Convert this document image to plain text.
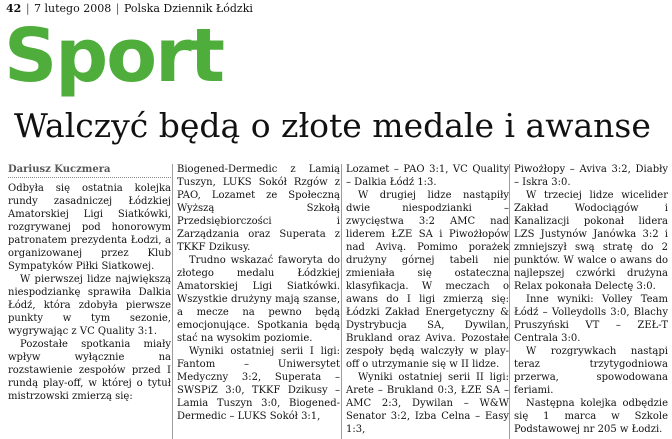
42 | 7 lutego 2008 | Polska Dziennik Łódzki
Sport
Walczyć będą o złote medale i awanse
Dariusz Kuczmera

Odbyła się ostatnia kolejka rundy zasadniczej Łódzkiej Amatorskiej Ligi Siatkówki, rozgrywanej pod honorowym patronatem prezydenta Łodzi, a organizowanej przez Klub Sympatyków Piłki Siatkowej.

W pierwszej lidze największą niespodziankę sprawiła Dalkia Łódź, która zdobyła pierwsze punkty w tym sezonie, wygrywając z VC Quality 3:1.

Pozostałe spotkania miały wpływ wyłącznie na rozstawienie zespołów przed I rundą play-off, w której o tytuł mistrzowski zmierzą się:

Biogened-Dermedic z Lamią Tuszyn, LUKS Sokół Rzgów z PAO, Lozamet ze Społeczną Wyższą Szkołą Przedsiębiorczości i Zarządzania oraz Superata z TKKF Dzikusy.

Trudno wskazać faworyta do złotego medalu Łódzkiej Amatorskiej Ligi Siatkówki. Wszystkie drużyny mają szanse, a mecze na pewno będą emocjonujące. Spotkania będą stać na wysokim poziomie.

Wyniki ostatniej serii I ligi: Fantom – Uniwersytet Medyczny 3:2, Superata – SWSPiZ 3:0, TKKF Dzikusy – Lamia Tuszyn 3:0, Biogened-Dermedic – LUKS Sokół 3:1,

Lozamet – PAO 3:1, VC Quality – Dalkia Łódź 1:3.

W drugiej lidze nastąpiły dwie niespodzianki – zwycięstwa 3:2 AMC nad liderem ŁZE SA i Piwożłopów nad Avivą. Pomimo porażek drużyny górnej tabeli nie zmieniała się ostateczna klasyfikacja. W meczach o awans do I ligi zmierzą się: Łódzki Zakład Energetyczny & Dystrybucja SA, Dywilan, Brukland oraz Aviva. Pozostałe zespoły będą walczyły w play-off o utrzymanie się w II lidze.

Wyniki ostatniej serii II ligi: Arete – Brukland 0:3, ŁZE SA – AMC 2:3, Dywilan – W&W Senator 3:2, Izba Celna – Easy 1:3,

Piwożłopy – Aviva 3:2, Diabły – Iskra 3:0.

W trzeciej lidze wicelider Zakład Wodociągów i Kanalizacji pokonał lidera LZS Justynów Janówka 3:2 i zmniejszył swą stratę do 2 punktów. W walce o awans do najlepszej czwórki drużyna Relax pokonała Delectę 3:0.

Inne wyniki: Volley Team Łódź – Volleydolls 3:0, Blachy Pruszyński VT – ZEŁ-T Centrala 3:0.

W rozgrywkach nastąpi teraz trzytygodniowa przerwa, spowodowana feriami.

Następna kolejka odbędzie się 1 marca w Szkole Podstawowej nr 205 w Łodzi.
